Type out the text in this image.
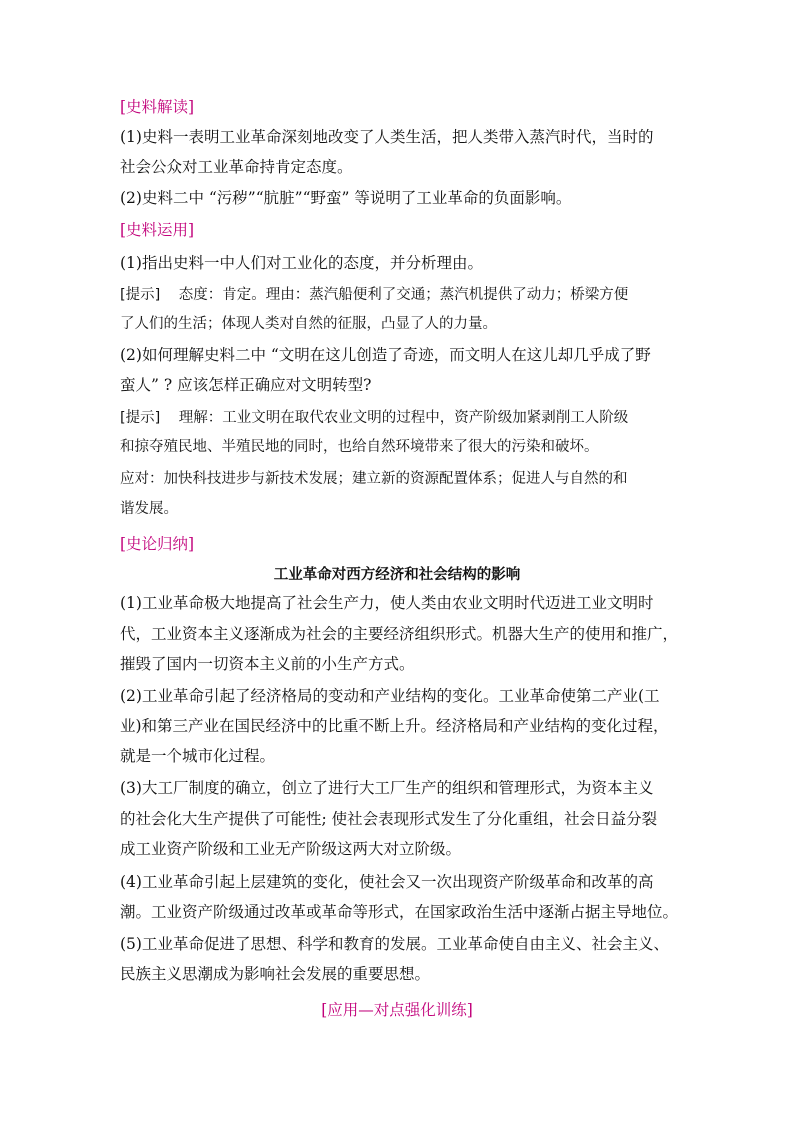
[史料解读]
(1)史料一表明工业革命深刻地改变了人类生活，把人类带入蒸汽时代，当时的
社会公众对工业革命持肯定态度。
(2)史料二中 “污秽”“肮脏”“野蛮” 等说明了工业革命的负面影响。
[史料运用]
(1)指出史料一中人们对工业化的态度，并分析理由。
[提示] 态度：肯定。理由：蒸汽船便利了交通；蒸汽机提供了动力；桥梁方便
了人们的生活；体现人类对自然的征服，凸显了人的力量。
(2)如何理解史料二中 “文明在这儿创造了奇迹，而文明人在这儿却几乎成了野
蛮人” ? 应该怎样正确应对文明转型?
[提示] 理解：工业文明在取代农业文明的过程中，资产阶级加紧剥削工人阶级
和掠夺殖民地、半殖民地的同时，也给自然环境带来了很大的污染和破坏。
应对：加快科技进步与新技术发展；建立新的资源配置体系；促进人与自然的和
谐发展。
[史论归纳]
工业革命对西方经济和社会结构的影响
(1)工业革命极大地提高了社会生产力，使人类由农业文明时代迈进工业文明时
代，工业资本主义逐渐成为社会的主要经济组织形式。机器大生产的使用和推广，
摧毁了国内一切资本主义前的小生产方式。
(2)工业革命引起了经济格局的变动和产业结构的变化。工业革命使第二产业(工
业)和第三产业在国民经济中的比重不断上升。经济格局和产业结构的变化过程，
就是一个城市化过程。
(3)大工厂制度的确立，创立了进行大工厂生产的组织和管理形式，为资本主义
的社会化大生产提供了可能性; 使社会表现形式发生了分化重组，社会日益分裂
成工业资产阶级和工业无产阶级这两大对立阶级。
(4)工业革命引起上层建筑的变化，使社会又一次出现资产阶级革命和改革的高
潮。工业资产阶级通过改革或革命等形式，在国家政治生活中逐渐占据主导地位。
(5)工业革命促进了思想、科学和教育的发展。工业革命使自由主义、社会主义、
民族主义思潮成为影响社会发展的重要思想。
[应用—对点强化训练]
